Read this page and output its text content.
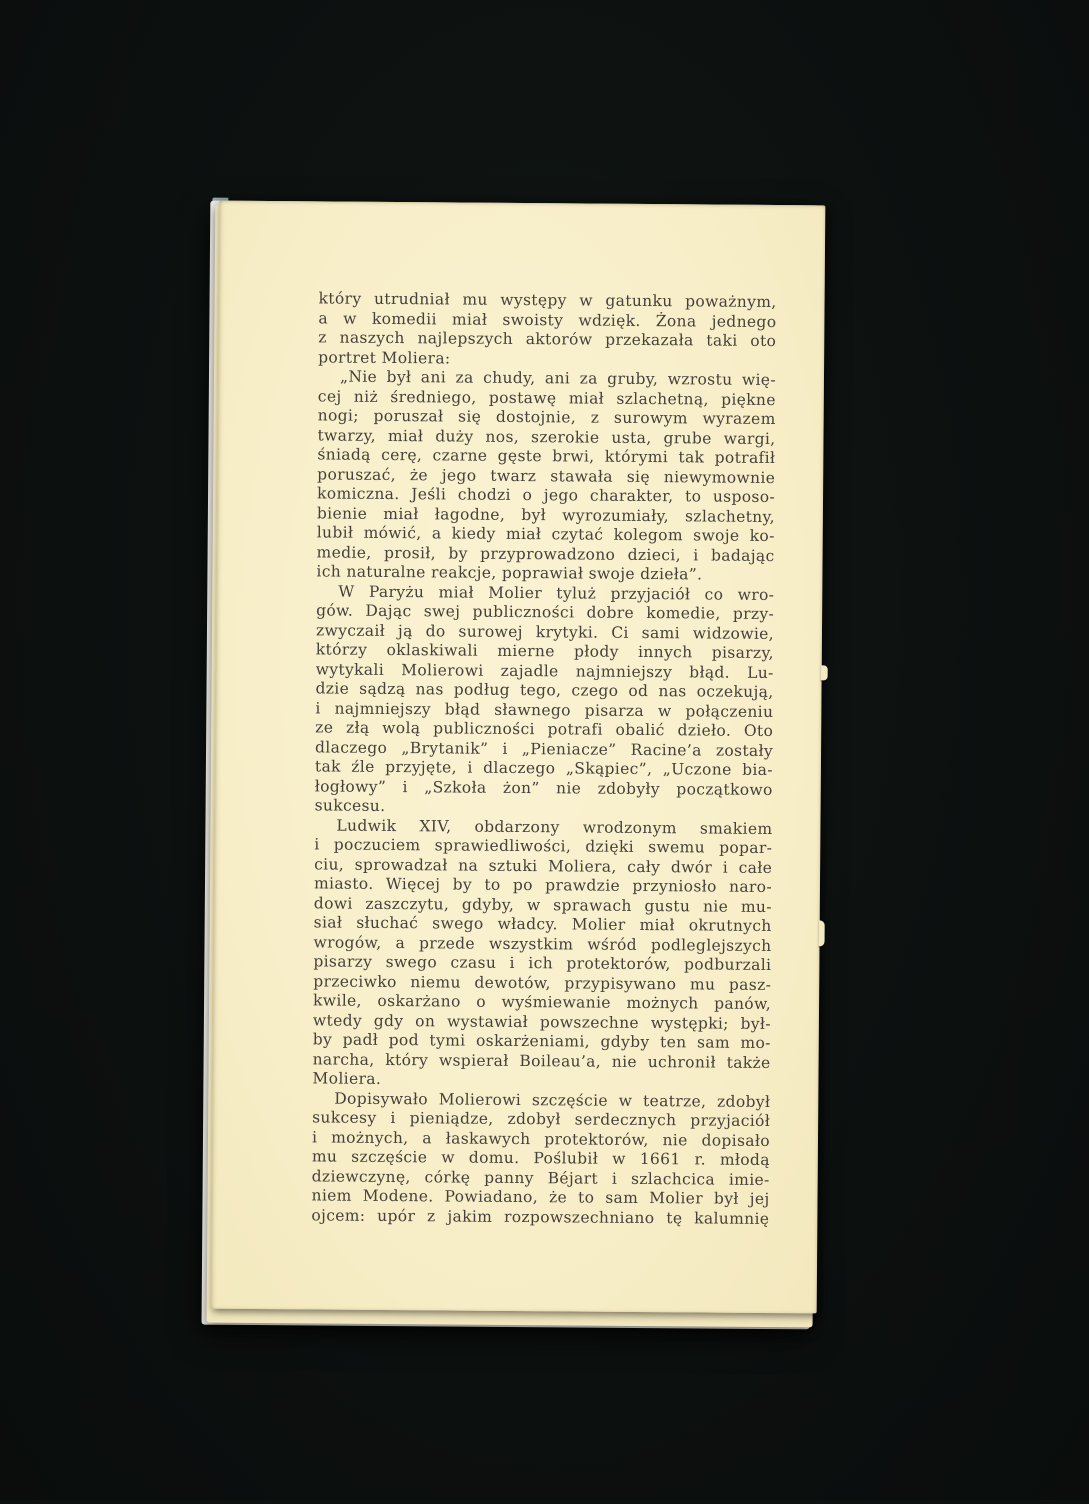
który utrudniał mu występy w gatunku poważnym,
a w komedii miał swoisty wdzięk. Żona jednego
z naszych najlepszych aktorów przekazała taki oto
portret Moliera:

„Nie był ani za chudy, ani za gruby, wzrostu wię-
cej niż średniego, postawę miał szlachetną, piękne
nogi; poruszał się dostojnie, z surowym wyrazem
twarzy, miał duży nos, szerokie usta, grube wargi,
śniadą cerę, czarne gęste brwi, którymi tak potrafił
poruszać, że jego twarz stawała się niewymownie
komiczna. Jeśli chodzi o jego charakter, to usposo-
bienie miał łagodne, był wyrozumiały, szlachetny,
lubił mówić, a kiedy miał czytać kolegom swoje ko-
medie, prosił, by przyprowadzono dzieci, i badając
ich naturalne reakcje, poprawiał swoje dzieła”.

W Paryżu miał Molier tyluż przyjaciół co wro-
gów. Dając swej publiczności dobre komedie, przy-
zwyczaił ją do surowej krytyki. Ci sami widzowie,
którzy oklaskiwali mierne płody innych pisarzy,
wytykali Molierowi zajadle najmniejszy błąd. Lu-
dzie sądzą nas podług tego, czego od nas oczekują,
i najmniejszy błąd sławnego pisarza w połączeniu
ze złą wolą publiczności potrafi obalić dzieło. Oto
dlaczego „Brytanik” i „Pieniacze” Racine’a zostały
tak źle przyjęte, i dlaczego „Skąpiec”, „Uczone bia-
łogłowy” i „Szkoła żon” nie zdobyły początkowo
sukcesu.

Ludwik XIV, obdarzony wrodzonym smakiem
i poczuciem sprawiedliwości, dzięki swemu popar-
ciu, sprowadzał na sztuki Moliera, cały dwór i całe
miasto. Więcej by to po prawdzie przyniosło naro-
dowi zaszczytu, gdyby, w sprawach gustu nie mu-
siał słuchać swego władcy. Molier miał okrutnych
wrogów, a przede wszystkim wśród podleglejszych
pisarzy swego czasu i ich protektorów, podburzali
przeciwko niemu dewotów, przypisywano mu pasz-
kwile, oskarżano o wyśmiewanie możnych panów,
wtedy gdy on wystawiał powszechne występki; był-
by padł pod tymi oskarżeniami, gdyby ten sam mo-
narcha, który wspierał Boileau’a, nie uchronił także
Moliera.

Dopisywało Molierowi szczęście w teatrze, zdobył
sukcesy i pieniądze, zdobył serdecznych przyjaciół
i możnych, a łaskawych protektorów, nie dopisało
mu szczęście w domu. Poślubił w 1661 r. młodą
dziewczynę, córkę panny Béjart i szlachcica imie-
niem Modene. Powiadano, że to sam Molier był jej
ojcem: upór z jakim rozpowszechniano tę kalumnię
